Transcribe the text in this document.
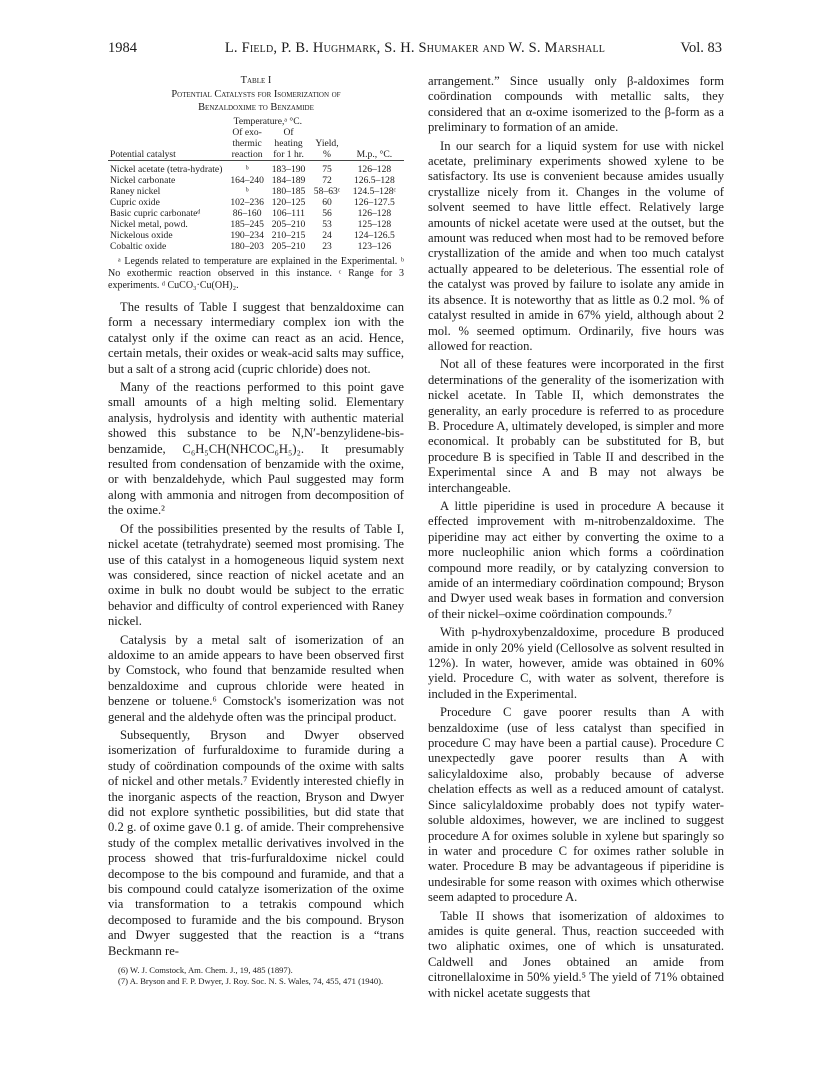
1984	L. Field, P. B. Hughmark, S. H. Shumaker and W. S. Marshall	Vol. 83
Table I
Potential Catalysts for Isomerization of
Benzaldoxime to Benzamide
	Temperature,ᵃ °C.			
Potential catalyst	Of exo- thermic reaction	Of heating for 1 hr.	Yield, %	M.p., °C.
Nickel acetate (tetra-hydrate)	ᵇ	183–190	75	126–128
Nickel carbonate	164–240	184–189	72	126.5–128
Raney nickel	ᵇ	180–185	58–63ᶜ	124.5–128ᶜ
Cupric oxide	102–236	120–125	60	126–127.5
Basic cupric carbonateᵈ	86–160	106–111	56	126–128
Nickel metal, powd.	185–245	205–210	53	125–128
Nickelous oxide	190–234	210–215	24	124–126.5
Cobaltic oxide	180–203	205–210	23	123–126
ᵃ Legends related to temperature are explained in the Experimental. ᵇ No exothermic reaction observed in this instance. ᶜ Range for 3 experiments. ᵈ CuCO₃·Cu(OH)₂.

The results of Table I suggest that benzaldoxime can form a necessary intermediary complex ion with the catalyst only if the oxime can react as an acid. Hence, certain metals, their oxides or weak-acid salts may suffice, but a salt of a strong acid (cupric chloride) does not.

Many of the reactions performed to this point gave small amounts of a high melting solid. Elementary analysis, hydrolysis and identity with authentic material showed this substance to be N,N′-benzylidene-bis-benzamide, C₆H₅CH(NHCOC₆H₅)₂. It presumably resulted from condensation of benzamide with the oxime, or with benzaldehyde, which Paul suggested may form along with ammonia and nitrogen from decomposition of the oxime.²

Of the possibilities presented by the results of Table I, nickel acetate (tetrahydrate) seemed most promising. The use of this catalyst in a homogeneous liquid system next was considered, since reaction of nickel acetate and an oxime in bulk no doubt would be subject to the erratic behavior and difficulty of control experienced with Raney nickel.

Catalysis by a metal salt of isomerization of an aldoxime to an amide appears to have been observed first by Comstock, who found that benzamide resulted when benzaldoxime and cuprous chloride were heated in benzene or toluene.⁶ Comstock's isomerization was not general and the aldehyde often was the principal product.

Subsequently, Bryson and Dwyer observed isomerization of furfuraldoxime to furamide during a study of coördination compounds of the oxime with salts of nickel and other metals.⁷ Evidently interested chiefly in the inorganic aspects of the reaction, Bryson and Dwyer did not explore synthetic possibilities, but did state that 0.2 g. of oxime gave 0.1 g. of amide. Their comprehensive study of the complex metallic derivatives involved in the process showed that tris-furfuraldoxime nickel could decompose to the bis compound and furamide, and that a bis compound could catalyze isomerization of the oxime via transformation to a tetrakis compound which decomposed to furamide and the bis compound. Bryson and Dwyer suggested that the reaction is a “trans Beckmann re-

(6) W. J. Comstock, Am. Chem. J., 19, 485 (1897).
(7) A. Bryson and F. P. Dwyer, J. Roy. Soc. N. S. Wales, 74, 455, 471 (1940).

arrangement.” Since usually only β-aldoximes form coördination compounds with metallic salts, they considered that an α-oxime isomerized to the β-form as a preliminary to formation of an amide.

In our search for a liquid system for use with nickel acetate, preliminary experiments showed xylene to be satisfactory. Its use is convenient because amides usually crystallize nicely from it. Changes in the volume of solvent seemed to have little effect. Relatively large amounts of nickel acetate were used at the outset, but the amount was reduced when most had to be removed before crystallization of the amide and when too much catalyst actually appeared to be deleterious. The essential role of the catalyst was proved by failure to isolate any amide in its absence. It is noteworthy that as little as 0.2 mol. % of catalyst resulted in amide in 67% yield, although about 2 mol. % seemed optimum. Ordinarily, five hours was allowed for reaction.

Not all of these features were incorporated in the first determinations of the generality of the isomerization with nickel acetate. In Table II, which demonstrates the generality, an early procedure is referred to as procedure B. Procedure A, ultimately developed, is simpler and more economical. It probably can be substituted for B, but procedure B is specified in Table II and described in the Experimental since A and B may not always be interchangeable.

A little piperidine is used in procedure A because it effected improvement with m-nitrobenzaldoxime. The piperidine may act either by converting the oxime to a more nucleophilic anion which forms a coördination compound more readily, or by catalyzing conversion to amide of an intermediary coördination compound; Bryson and Dwyer used weak bases in formation and conversion of their nickel–oxime coördination compounds.⁷

With p-hydroxybenzaldoxime, procedure B produced amide in only 20% yield (Cellosolve as solvent resulted in 12%). In water, however, amide was obtained in 60% yield. Procedure C, with water as solvent, therefore is included in the Experimental.

Procedure C gave poorer results than A with benzaldoxime (use of less catalyst than specified in procedure C may have been a partial cause). Procedure C unexpectedly gave poorer results than A with salicylaldoxime also, probably because of adverse chelation effects as well as a reduced amount of catalyst. Since salicylaldoxime probably does not typify water-soluble aldoximes, however, we are inclined to suggest procedure A for oximes soluble in xylene but sparingly so in water and procedure C for oximes rather soluble in water. Procedure B may be advantageous if piperidine is undesirable for some reason with oximes which otherwise seem adapted to procedure A.

Table II shows that isomerization of aldoximes to amides is quite general. Thus, reaction succeeded with two aliphatic oximes, one of which is unsaturated. Caldwell and Jones obtained an amide from citronellaloxime in 50% yield.⁵ The yield of 71% obtained with nickel acetate suggests that
